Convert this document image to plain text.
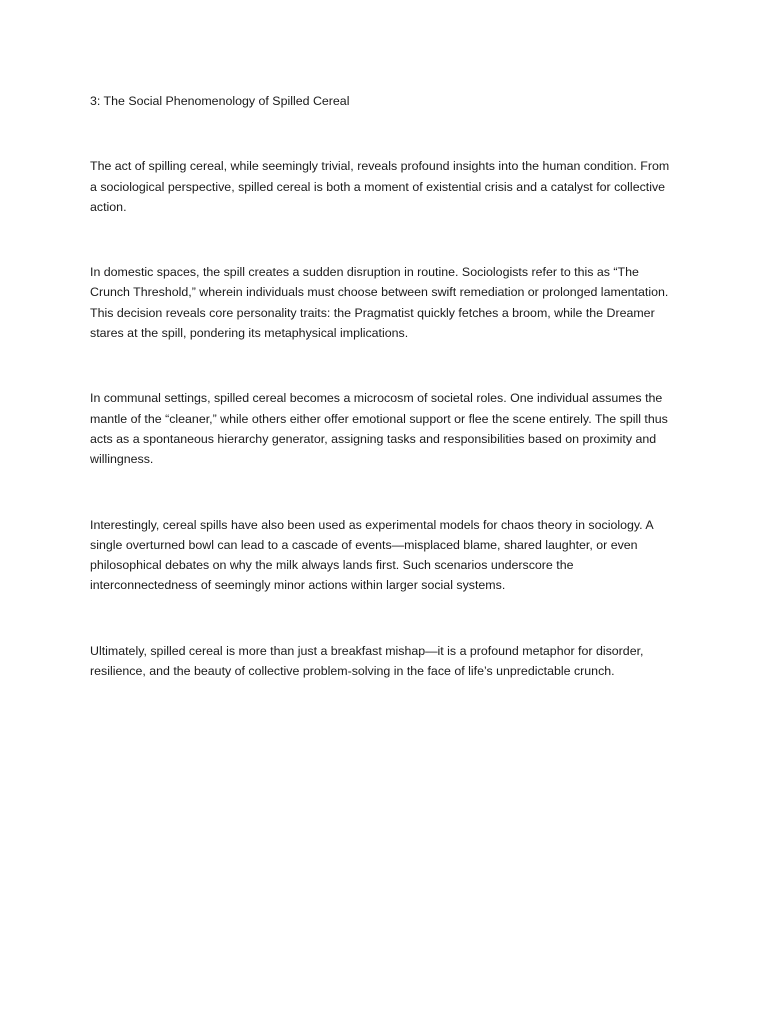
3: The Social Phenomenology of Spilled Cereal

The act of spilling cereal, while seemingly trivial, reveals profound insights into the human condition. From a sociological perspective, spilled cereal is both a moment of existential crisis and a catalyst for collective action.

In domestic spaces, the spill creates a sudden disruption in routine. Sociologists refer to this as “The Crunch Threshold,” wherein individuals must choose between swift remediation or prolonged lamentation. This decision reveals core personality traits: the Pragmatist quickly fetches a broom, while the Dreamer stares at the spill, pondering its metaphysical implications.

In communal settings, spilled cereal becomes a microcosm of societal roles. One individual assumes the mantle of the “cleaner,” while others either offer emotional support or flee the scene entirely. The spill thus acts as a spontaneous hierarchy generator, assigning tasks and responsibilities based on proximity and willingness.

Interestingly, cereal spills have also been used as experimental models for chaos theory in sociology. A single overturned bowl can lead to a cascade of events—misplaced blame, shared laughter, or even philosophical debates on why the milk always lands first. Such scenarios underscore the interconnectedness of seemingly minor actions within larger social systems.

Ultimately, spilled cereal is more than just a breakfast mishap—it is a profound metaphor for disorder, resilience, and the beauty of collective problem-solving in the face of life’s unpredictable crunch.
